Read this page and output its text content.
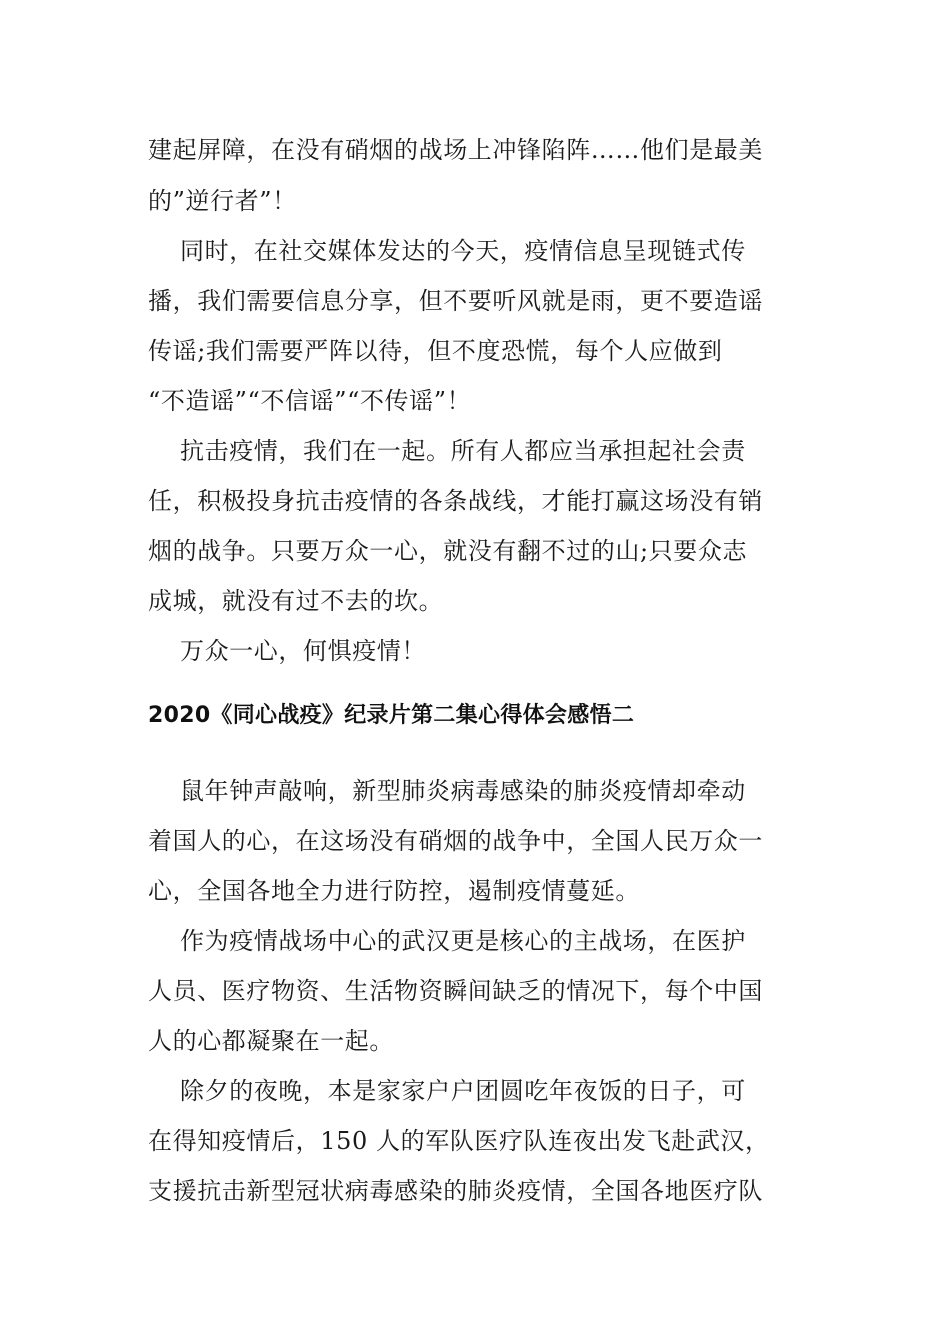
建起屏障，在没有硝烟的战场上冲锋陷阵……他们是最美

的”逆行者”！

同时，在社交媒体发达的今天，疫情信息呈现链式传

播，我们需要信息分享，但不要听风就是雨，更不要造谣

传谣;我们需要严阵以待，但不度恐慌，每个人应做到

“不造谣”“不信谣”“不传谣”！

抗击疫情，我们在一起。所有人都应当承担起社会责

任，积极投身抗击疫情的各条战线，才能打赢这场没有销

烟的战争。只要万众一心，就没有翻不过的山;只要众志

成城，就没有过不去的坎。

万众一心，何惧疫情！

2020《同心战疫》纪录片第二集心得体会感悟二

鼠年钟声敲响，新型肺炎病毒感染的肺炎疫情却牵动

着国人的心，在这场没有硝烟的战争中，全国人民万众一

心，全国各地全力进行防控，遏制疫情蔓延。

作为疫情战场中心的武汉更是核心的主战场，在医护

人员、医疗物资、生活物资瞬间缺乏的情况下，每个中国

人的心都凝聚在一起。

除夕的夜晚，本是家家户户团圆吃年夜饭的日子，可

在得知疫情后，150 人的军队医疗队连夜出发飞赴武汉，

支援抗击新型冠状病毒感染的肺炎疫情，全国各地医疗队
